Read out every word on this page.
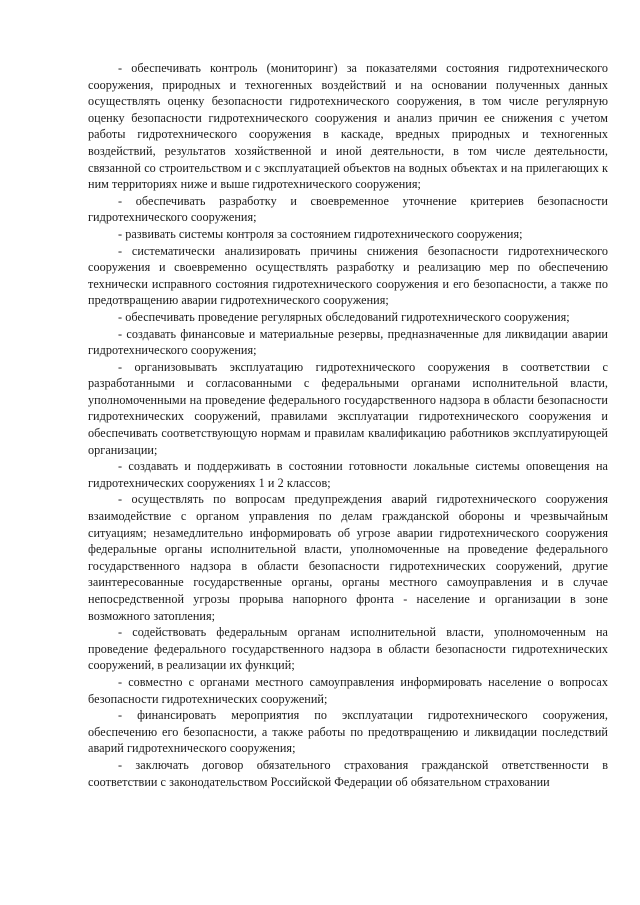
- обеспечивать контроль (мониторинг) за показателями состояния гидротехнического сооружения, природных и техногенных воздействий и на основании полученных данных осуществлять оценку безопасности гидротехнического сооружения, в том числе регулярную оценку безопасности гидротехнического сооружения и анализ причин ее снижения с учетом работы гидротехнического сооружения в каскаде, вредных природных и техногенных воздействий, результатов хозяйственной и иной деятельности, в том числе деятельности, связанной со строительством и с эксплуатацией объектов на водных объектах и на прилегающих к ним территориях ниже и выше гидротехнического сооружения;

- обеспечивать разработку и своевременное уточнение критериев безопасности гидротехнического сооружения;

- развивать системы контроля за состоянием гидротехнического сооружения;

- систематически анализировать причины снижения безопасности гидротехнического сооружения и своевременно осуществлять разработку и реализацию мер по обеспечению технически исправного состояния гидротехнического сооружения и его безопасности, а также по предотвращению аварии гидротехнического сооружения;

- обеспечивать проведение регулярных обследований гидротехнического сооружения;

- создавать финансовые и материальные резервы, предназначенные для ликвидации аварии гидротехнического сооружения;

- организовывать эксплуатацию гидротехнического сооружения в соответствии с разработанными и согласованными с федеральными органами исполнительной власти, уполномоченными на проведение федерального государственного надзора в области безопасности гидротехнических сооружений, правилами эксплуатации гидротехнического сооружения и обеспечивать соответствующую нормам и правилам квалификацию работников эксплуатирующей организации;

- создавать и поддерживать в состоянии готовности локальные системы оповещения на гидротехнических сооружениях 1 и 2 классов;

- осуществлять по вопросам предупреждения аварий гидротехнического сооружения взаимодействие с органом управления по делам гражданской обороны и чрезвычайным ситуациям; незамедлительно информировать об угрозе аварии гидротехнического сооружения федеральные органы исполнительной власти, уполномоченные на проведение федерального государственного надзора в области безопасности гидротехнических сооружений, другие заинтересованные государственные органы, органы местного самоуправления и в случае непосредственной угрозы прорыва напорного фронта - население и организации в зоне возможного затопления;

- содействовать федеральным органам исполнительной власти, уполномоченным на проведение федерального государственного надзора в области безопасности гидротехнических сооружений, в реализации их функций;

- совместно с органами местного самоуправления информировать население о вопросах безопасности гидротехнических сооружений;

- финансировать мероприятия по эксплуатации гидротехнического сооружения, обеспечению его безопасности, а также работы по предотвращению и ликвидации последствий аварий гидротехнического сооружения;

- заключать договор обязательного страхования гражданской ответственности в соответствии с законодательством Российской Федерации об обязательном страховании
